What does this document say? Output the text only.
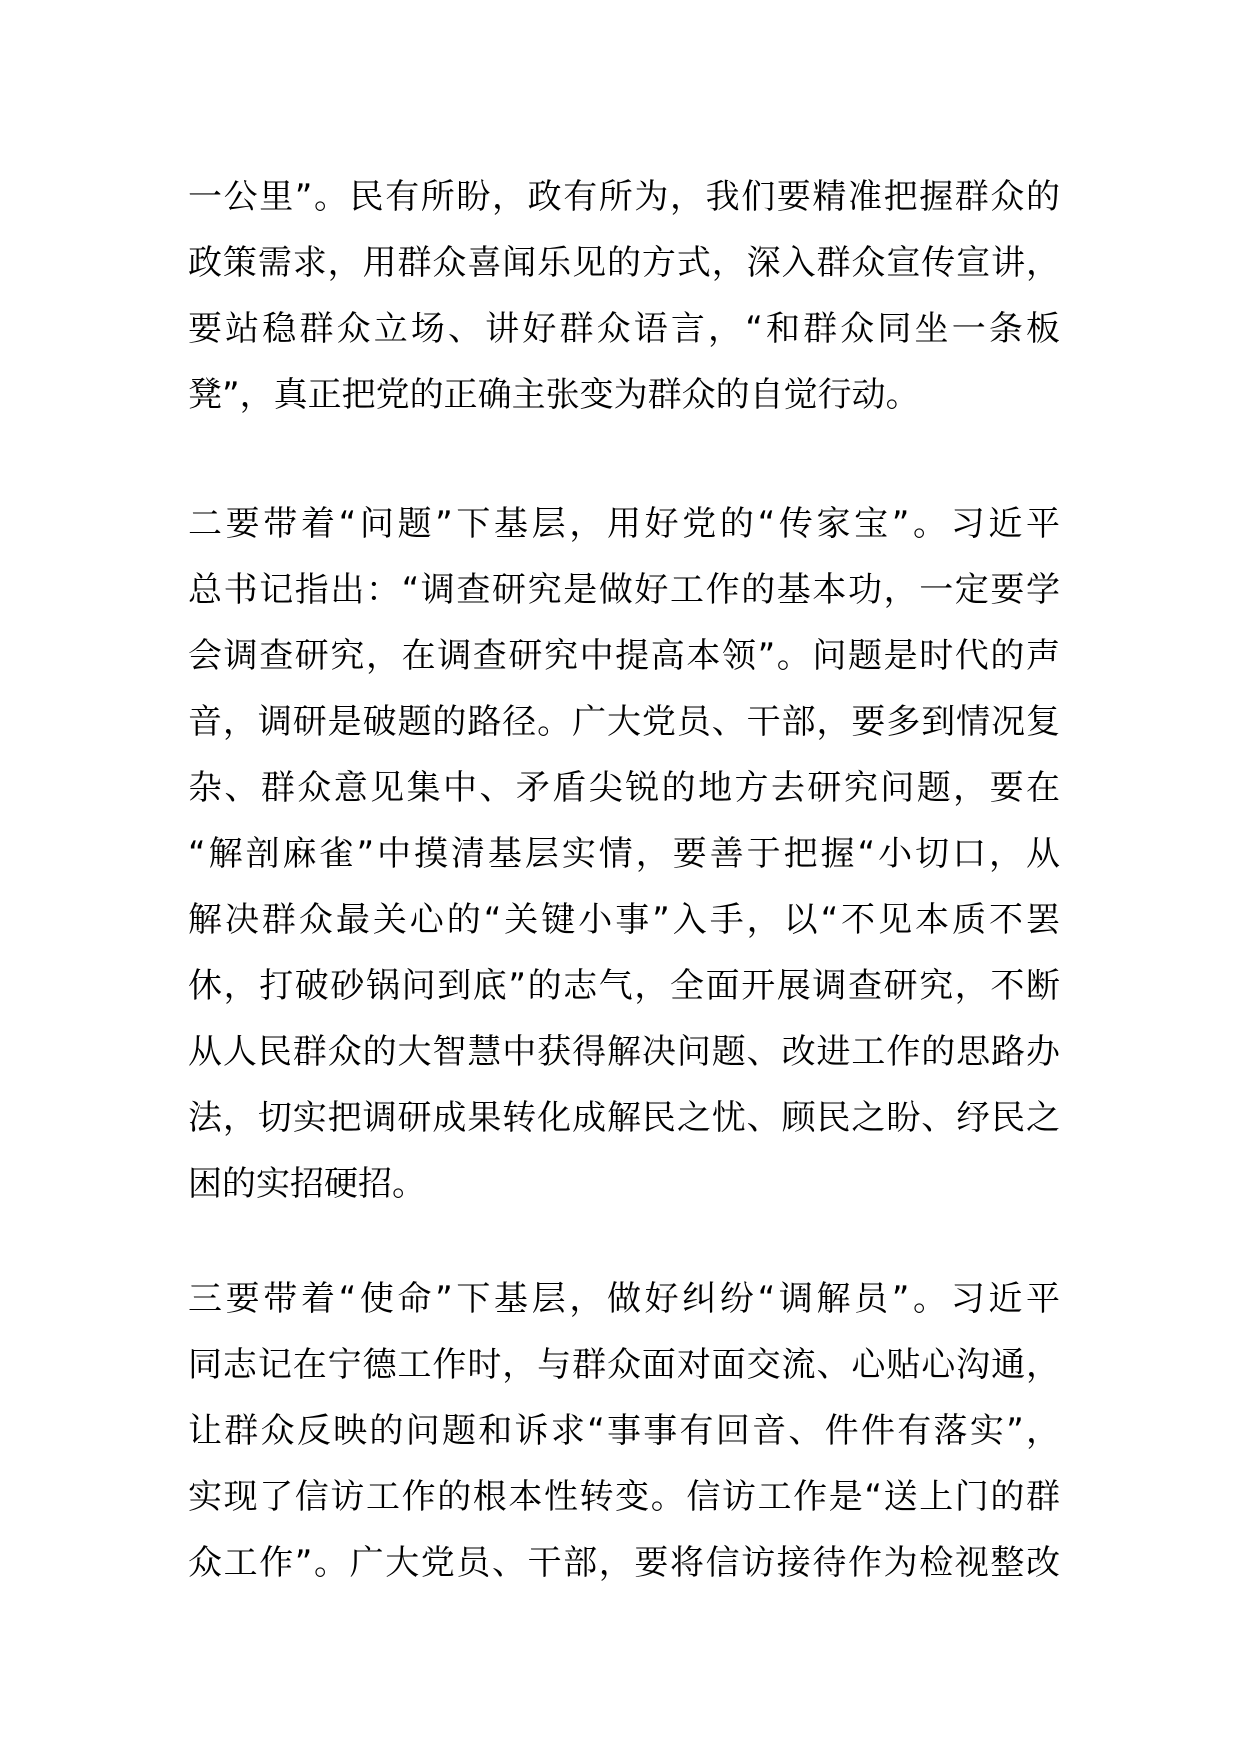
一公里”。民有所盼，政有所为，我们要精准把握群众的
政策需求，用群众喜闻乐见的方式，深入群众宣传宣讲，
要站稳群众立场、讲好群众语言，“和群众同坐一条板
凳”，真正把党的正确主张变为群众的自觉行动。
二要带着“问题”下基层，用好党的“传家宝”。习近平
总书记指出：“调查研究是做好工作的基本功，一定要学
会调查研究，在调查研究中提高本领”。问题是时代的声
音，调研是破题的路径。广大党员、干部，要多到情况复
杂、群众意见集中、矛盾尖锐的地方去研究问题，要在
“解剖麻雀”中摸清基层实情，要善于把握“小切口，从
解决群众最关心的“关键小事”入手，以“不见本质不罢
休，打破砂锅问到底”的志气，全面开展调查研究，不断
从人民群众的大智慧中获得解决问题、改进工作的思路办
法，切实把调研成果转化成解民之忧、顾民之盼、纾民之
困的实招硬招。
三要带着“使命”下基层，做好纠纷“调解员”。习近平
同志记在宁德工作时，与群众面对面交流、心贴心沟通，
让群众反映的问题和诉求“事事有回音、件件有落实”，
实现了信访工作的根本性转变。信访工作是“送上门的群
众工作”。广大党员、干部，要将信访接待作为检视整改
